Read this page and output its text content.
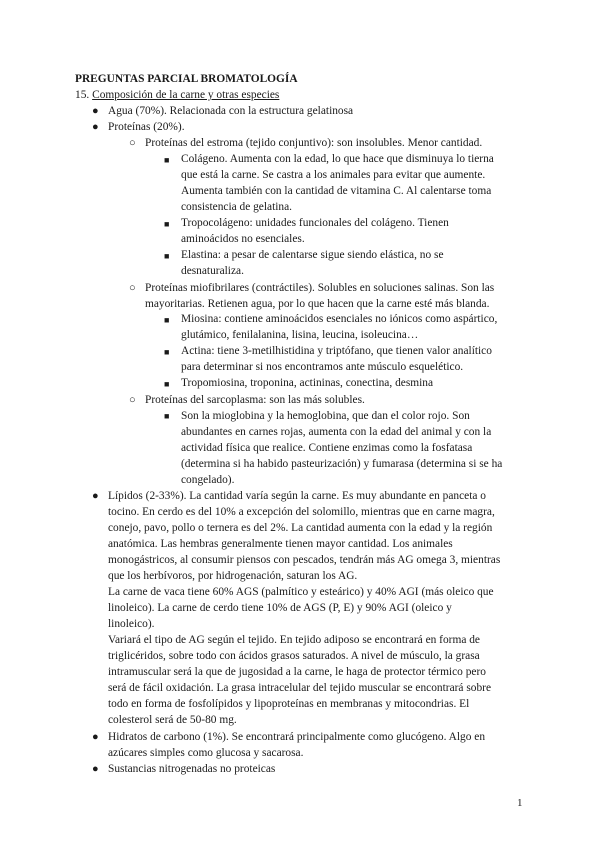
PREGUNTAS PARCIAL BROMATOLOGÍA
15. Composición de la carne y otras especies
●
●
●
●
●
○
○
○
■
■
■
■
■
■
■
Agua (70%). Relacionada con la estructura gelatinosa
Proteínas (20%).
Proteínas del estroma (tejido conjuntivo): son insolubles. Menor cantidad.
Colágeno. Aumenta con la edad, lo que hace que disminuya lo tierna
que está la carne. Se castra a los animales para evitar que aumente.
Aumenta también con la cantidad de vitamina C. Al calentarse toma
consistencia de gelatina.
Tropocolágeno: unidades funcionales del colágeno. Tienen
aminoácidos no esenciales.
Elastina: a pesar de calentarse sigue siendo elástica, no se
desnaturaliza.
Proteínas miofibrilares (contráctiles). Solubles en soluciones salinas. Son las
mayoritarias. Retienen agua, por lo que hacen que la carne esté más blanda.
Miosina: contiene aminoácidos esenciales no iónicos como aspártico,
glutámico, fenilalanina, lisina, leucina, isoleucina…
Actina: tiene 3-metilhistidina y triptófano, que tienen valor analítico
para determinar si nos encontramos ante músculo esquelético.
Tropomiosina, troponina, actininas, conectina, desmina
Proteínas del sarcoplasma: son las más solubles.
Son la mioglobina y la hemoglobina, que dan el color rojo. Son
abundantes en carnes rojas, aumenta con la edad del animal y con la
actividad física que realice. Contiene enzimas como la fosfatasa
(determina si ha habido pasteurización) y fumarasa (determina si se ha
congelado).
Lípidos (2-33%). La cantidad varía según la carne. Es muy abundante en panceta o
tocino. En cerdo es del 10% a excepción del solomillo, mientras que en carne magra,
conejo, pavo, pollo o ternera es del 2%. La cantidad aumenta con la edad y la región
anatómica. Las hembras generalmente tienen mayor cantidad. Los animales
monogástricos, al consumir piensos con pescados, tendrán más AG omega 3, mientras
que los herbívoros, por hidrogenación, saturan los AG.
La carne de vaca tiene 60% AGS (palmítico y esteárico) y 40% AGI (más oleico que
linoleico). La carne de cerdo tiene 10% de AGS (P, E) y 90% AGI (oleico y
linoleico).
Variará el tipo de AG según el tejido. En tejido adiposo se encontrará en forma de
triglicéridos, sobre todo con ácidos grasos saturados. A nivel de músculo, la grasa
intramuscular será la que de jugosidad a la carne, le haga de protector térmico pero
será de fácil oxidación. La grasa intracelular del tejido muscular se encontrará sobre
todo en forma de fosfolípidos y lipoproteínas en membranas y mitocondrias. El
colesterol será de 50-80 mg.
Hidratos de carbono (1%). Se encontrará principalmente como glucógeno. Algo en
azúcares simples como glucosa y sacarosa.
Sustancias nitrogenadas no proteicas
1
